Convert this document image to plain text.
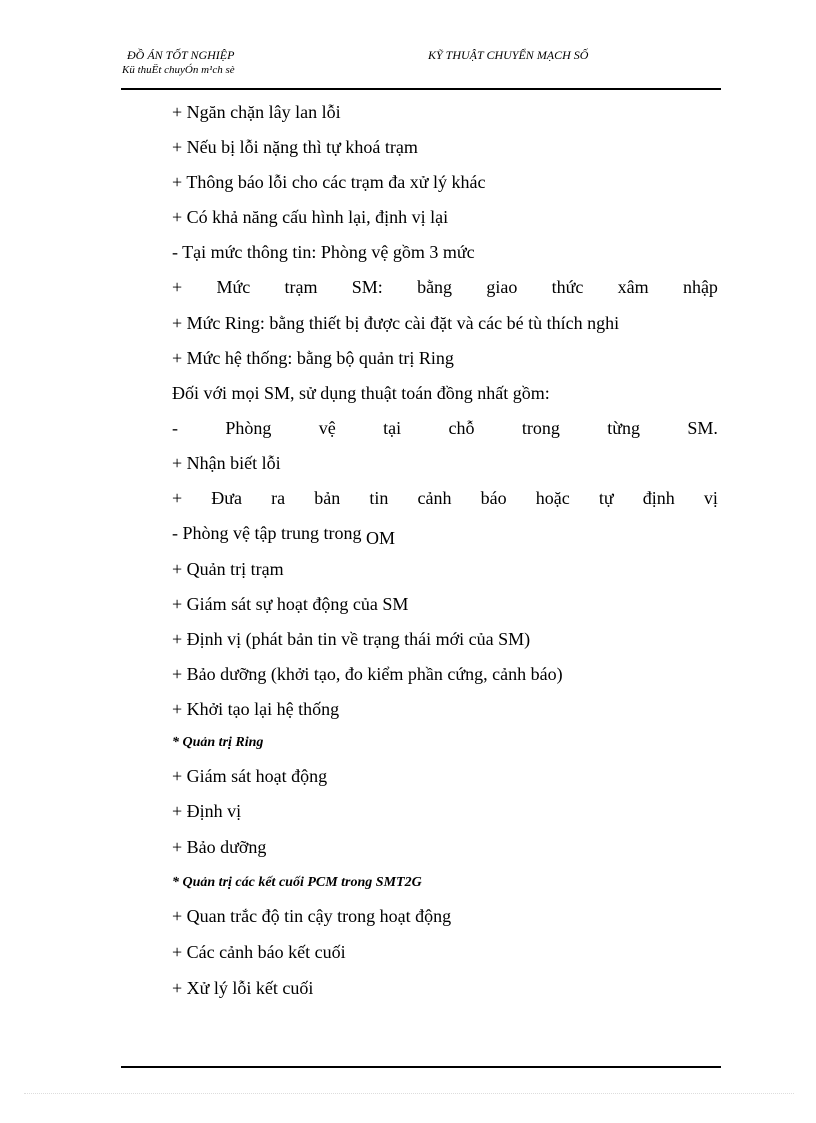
ĐỒ ÁN TỐT NGHIỆP
Kü thuËt chuyÓn m¹ch sè
KỸ THUẬT CHUYỂN MẠCH SỐ
+ Ngăn chặn lây lan lỗi
+ Nếu bị lỗi nặng thì tự khoá trạm
+ Thông báo lỗi cho các trạm đa xử lý khác
+ Có khả năng cấu hình lại, định vị lại
- Tại mức thông tin: Phòng vệ gồm 3 mức
+ Mức trạm SM: bằng giao thức xâm nhập
+ Mức Ring: bằng thiết bị được cài đặt và các bé tù thích nghi
+ Mức hệ thống: bằng bộ quản trị Ring
Đối với mọi SM, sử dụng thuật toán đồng nhất gồm:
-	Phòng	vệ	tại	chỗ	trong	từng	SM.
+ Nhận biết lỗi
+ Đưa ra bản tin cảnh báo hoặc tự định vị
- Phòng vệ tập trung trong OM
+ Quản trị trạm
+ Giám sát sự hoạt động của SM
+ Định vị (phát bản tin về trạng thái mới của SM)
+ Bảo dưỡng (khởi tạo, đo kiểm phần cứng, cảnh báo)
+ Khởi tạo lại hệ thống
* Quản trị Ring
+ Giám sát hoạt động
+ Định vị
+ Bảo dưỡng
* Quản trị các kết cuối PCM trong SMT2G
+ Quan trắc độ tin cậy trong hoạt động
+ Các cảnh báo kết cuối
+ Xử lý lỗi kết cuối
